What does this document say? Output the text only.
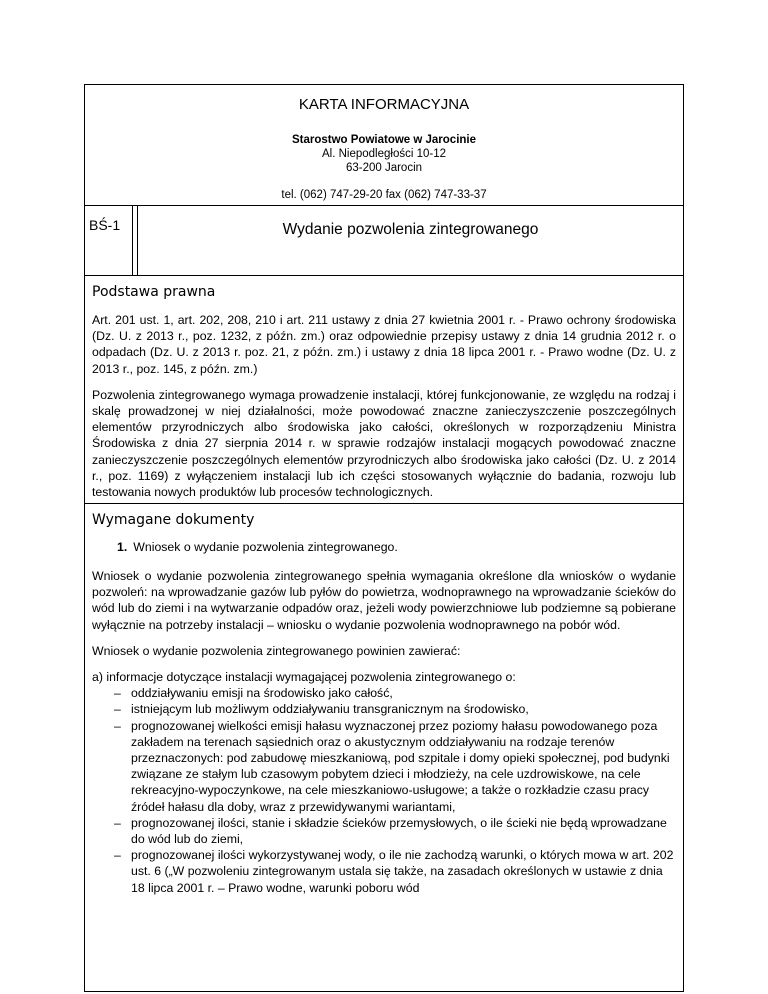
KARTA INFORMACYJNA
Starostwo Powiatowe w Jarocinie
Al. Niepodległości 10-12
63-200 Jarocin
tel. (062) 747-29-20 fax (062) 747-33-37
BŚ-1	Wydanie pozwolenia zintegrowanego
Podstawa prawna

Art. 201 ust. 1, art. 202, 208, 210 i art. 211 ustawy z dnia 27 kwietnia 2001 r. - Prawo ochrony środowiska (Dz. U. z 2013 r., poz. 1232, z późn. zm.) oraz odpowiednie przepisy ustawy z dnia 14 grudnia 2012 r. o odpadach (Dz. U. z 2013 r. poz. 21, z późn. zm.) i ustawy z dnia 18 lipca 2001 r. - Prawo wodne (Dz. U. z 2013 r., poz. 145, z późn. zm.)

Pozwolenia zintegrowanego wymaga prowadzenie instalacji, której funkcjonowanie, ze względu na rodzaj i skalę prowadzonej w niej działalności, może powodować znaczne zanieczyszczenie poszczególnych elementów przyrodniczych albo środowiska jako całości, określonych w rozporządzeniu Ministra Środowiska z dnia 27 sierpnia 2014 r. w sprawie rodzajów instalacji mogących powodować znaczne zanieczyszczenie poszczególnych elementów przyrodniczych albo środowiska jako całości (Dz. U. z 2014 r., poz. 1169) z wyłączeniem instalacji lub ich części stosowanych wyłącznie do badania, rozwoju lub testowania nowych produktów lub procesów technologicznych.

Wymagane dokumenty
1. Wniosek o wydanie pozwolenia zintegrowanego.

Wniosek o wydanie pozwolenia zintegrowanego spełnia wymagania określone dla wniosków o wydanie pozwoleń: na wprowadzanie gazów lub pyłów do powietrza, wodnoprawnego na wprowadzanie ścieków do wód lub do ziemi i na wytwarzanie odpadów oraz, jeżeli wody powierzchniowe lub podziemne są pobierane wyłącznie na potrzeby instalacji – wniosku o wydanie pozwolenia wodnoprawnego na pobór wód.

Wniosek o wydanie pozwolenia zintegrowanego powinien zawierać:

a) informacje dotyczące instalacji wymagającej pozwolenia zintegrowanego o:
– oddziaływaniu emisji na środowisko jako całość,
– istniejącym lub możliwym oddziaływaniu transgranicznym na środowisko,
– prognozowanej wielkości emisji hałasu wyznaczonej przez poziomy hałasu powodowanego poza zakładem na terenach sąsiednich oraz o akustycznym oddziaływaniu na rodzaje terenów przeznaczonych: pod zabudowę mieszkaniową, pod szpitale i domy opieki społecznej, pod budynki związane ze stałym lub czasowym pobytem dzieci i młodzieży, na cele uzdrowiskowe, na cele rekreacyjno-wypoczynkowe, na cele mieszkaniowo-usługowe; a także o rozkładzie czasu pracy źródeł hałasu dla doby, wraz z przewidywanymi wariantami,
– prognozowanej ilości, stanie i składzie ścieków przemysłowych, o ile ścieki nie będą wprowadzane do wód lub do ziemi,
– prognozowanej ilości wykorzystywanej wody, o ile nie zachodzą warunki, o których mowa w art. 202 ust. 6 („W pozwoleniu zintegrowanym ustala się także, na zasadach określonych w ustawie z dnia 18 lipca 2001 r. – Prawo wodne, warunki poboru wód
